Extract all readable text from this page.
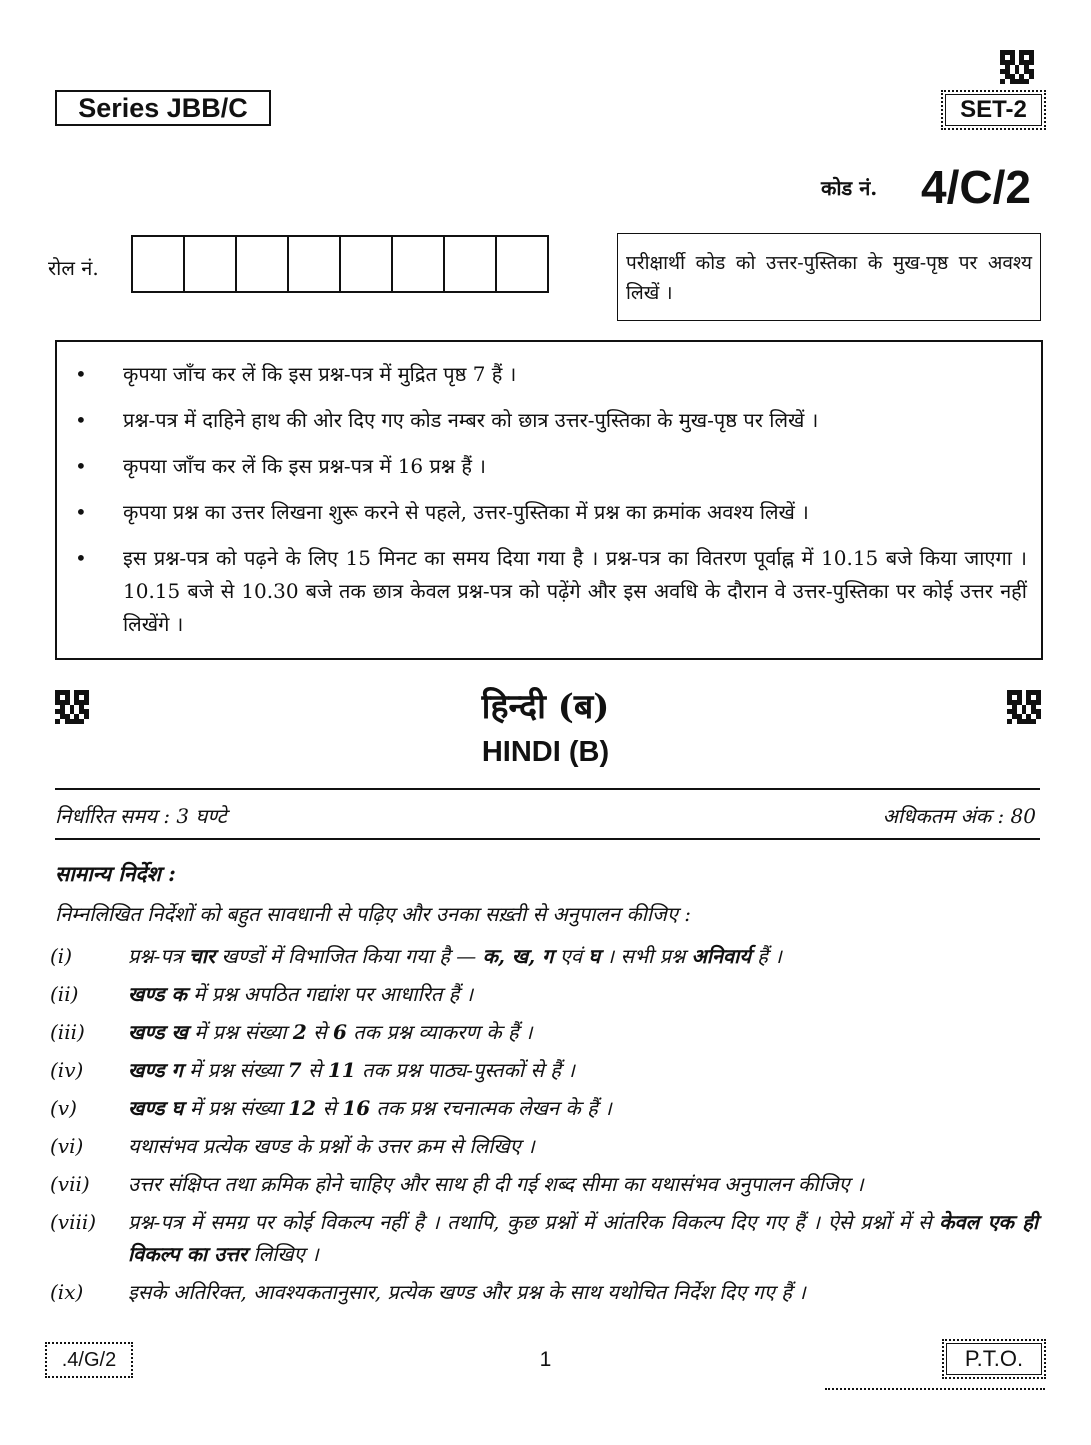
Series JBB/C	SET-2
कोड नं. 4/C/2
रोल नं.	परीक्षार्थी कोड को उत्तर-पुस्तिका के मुख-पृष्ठ पर अवश्य लिखें ।
•	कृपया जाँच कर लें कि इस प्रश्न-पत्र में मुद्रित पृष्ठ 7 हैं ।
•	प्रश्न-पत्र में दाहिने हाथ की ओर दिए गए कोड नम्बर को छात्र उत्तर-पुस्तिका के मुख-पृष्ठ पर लिखें ।
•	कृपया जाँच कर लें कि इस प्रश्न-पत्र में 16 प्रश्न हैं ।
•	कृपया प्रश्न का उत्तर लिखना शुरू करने से पहले, उत्तर-पुस्तिका में प्रश्न का क्रमांक अवश्य लिखें ।
•	इस प्रश्न-पत्र को पढ़ने के लिए 15 मिनट का समय दिया गया है । प्रश्न-पत्र का वितरण पूर्वाह्न में 10.15 बजे किया जाएगा । 10.15 बजे से 10.30 बजे तक छात्र केवल प्रश्न-पत्र को पढ़ेंगे और इस अवधि के दौरान वे उत्तर-पुस्तिका पर कोई उत्तर नहीं लिखेंगे ।
हिन्दी (ब)
HINDI (B)
निर्धारित समय : 3 घण्टे	अधिकतम अंक : 80
सामान्य निर्देश :
निम्नलिखित निर्देशों को बहुत सावधानी से पढ़िए और उनका सख़्ती से अनुपालन कीजिए :
(i)	प्रश्न-पत्र चार खण्डों में विभाजित किया गया है — क, ख, ग एवं घ । सभी प्रश्न अनिवार्य हैं ।
(ii)	खण्ड क में प्रश्न अपठित गद्यांश पर आधारित हैं ।
(iii)	खण्ड ख में प्रश्न संख्या 2 से 6 तक प्रश्न व्याकरण के हैं ।
(iv)	खण्ड ग में प्रश्न संख्या 7 से 11 तक प्रश्न पाठ्य-पुस्तकों से हैं ।
(v)	खण्ड घ में प्रश्न संख्या 12 से 16 तक प्रश्न रचनात्मक लेखन के हैं ।
(vi)	यथासंभव प्रत्येक खण्ड के प्रश्नों के उत्तर क्रम से लिखिए ।
(vii)	उत्तर संक्षिप्त तथा क्रमिक होने चाहिए और साथ ही दी गई शब्द सीमा का यथासंभव अनुपालन कीजिए ।
(viii)	प्रश्न-पत्र में समग्र पर कोई विकल्प नहीं है । तथापि, कुछ प्रश्नों में आंतरिक विकल्प दिए गए हैं । ऐसे प्रश्नों में से केवल एक ही विकल्प का उत्तर लिखिए ।
(ix)	इसके अतिरिक्त, आवश्यकतानुसार, प्रत्येक खण्ड और प्रश्न के साथ यथोचित निर्देश दिए गए हैं ।
.4/G/2	1	P.T.O.
